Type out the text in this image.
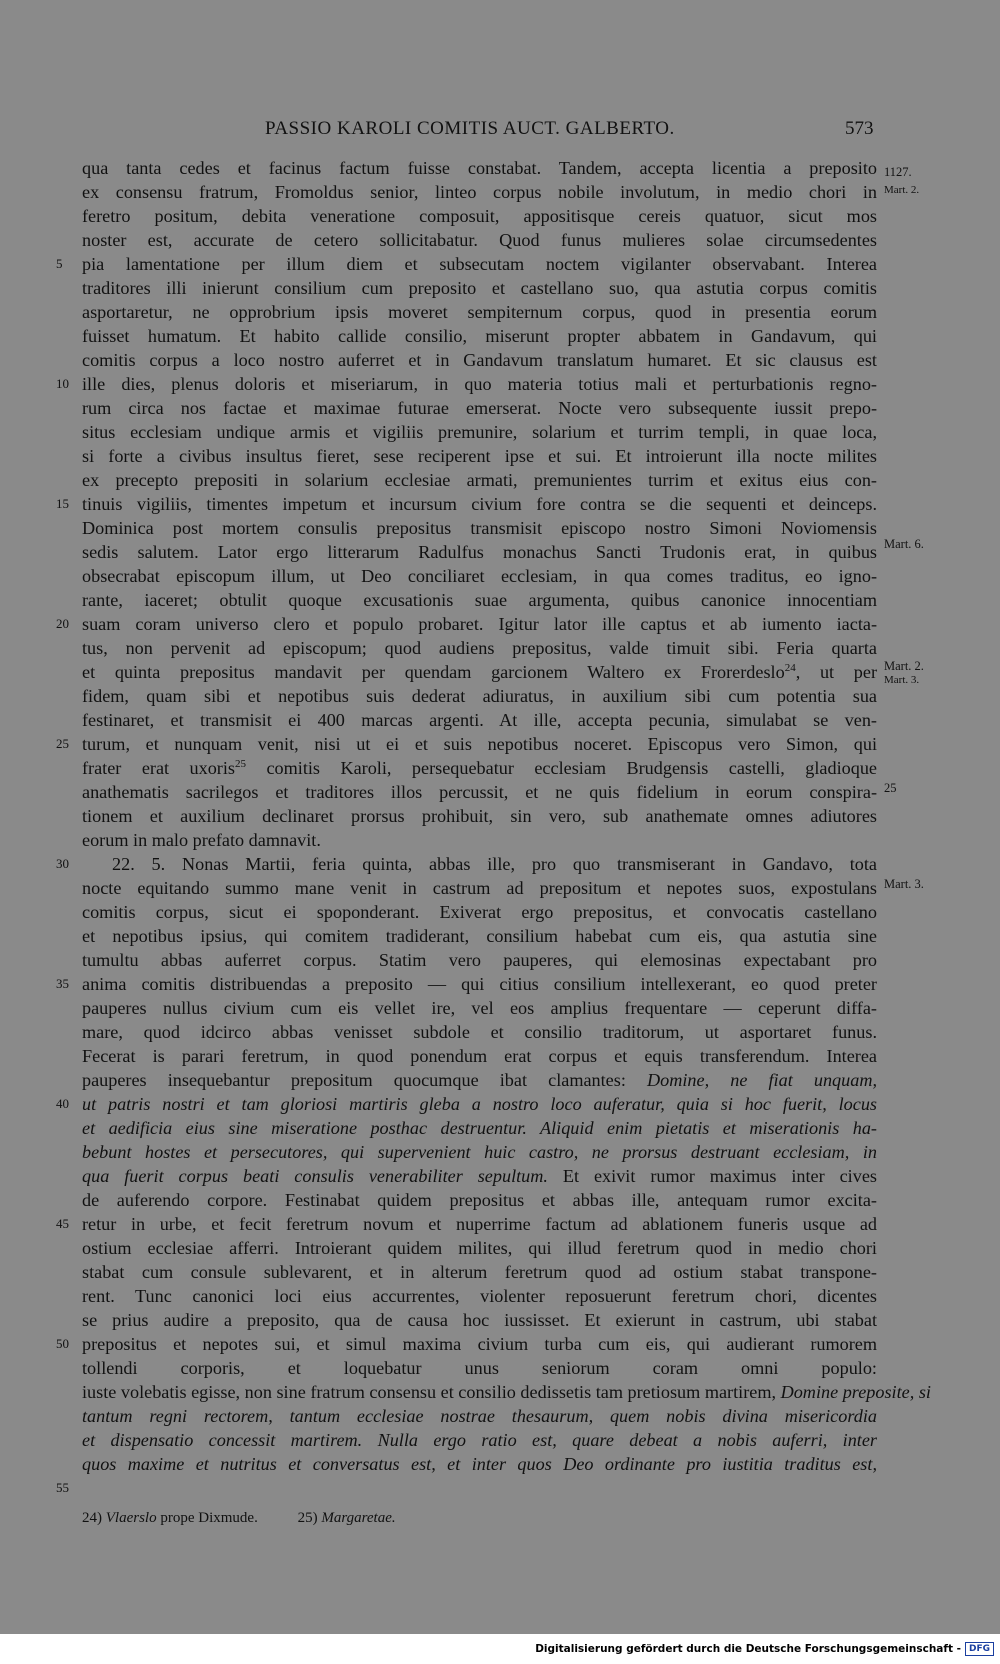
PASSIO KAROLI COMITIS AUCT. GALBERTO.	573
qua tanta cedes et facinus factum fuisse constabat. Tandem, accepta licentia a preposito
ex consensu fratrum, Fromoldus senior, linteo corpus nobile involutum, in medio chori in
feretro positum, debita veneratione composuit, appositisque cereis quatuor, sicut mos
noster est, accurate de cetero sollicitabatur. Quod funus mulieres solae circumsedentes
pia lamentatione per illum diem et subsecutam noctem vigilanter observabant. Interea
traditores illi inierunt consilium cum preposito et castellano suo, qua astutia corpus comitis
asportaretur, ne opprobrium ipsis moveret sempiternum corpus, quod in presentia eorum
fuisset humatum. Et habito callide consilio, miserunt propter abbatem in Gandavum, qui
comitis corpus a loco nostro auferret et in Gandavum translatum humaret. Et sic clausus est
ille dies, plenus doloris et miseriarum, in quo materia totius mali et perturbationis regno-
rum circa nos factae et maximae futurae emerserat. Nocte vero subsequente iussit prepo-
situs ecclesiam undique armis et vigiliis premunire, solarium et turrim templi, in quae loca,
si forte a civibus insultus fieret, sese reciperent ipse et sui. Et introierunt illa nocte milites
ex precepto prepositi in solarium ecclesiae armati, premunientes turrim et exitus eius con-
tinuis vigiliis, timentes impetum et incursum civium fore contra se die sequenti et deinceps.
Dominica post mortem consulis prepositus transmisit episcopo nostro Simoni Noviomensis
sedis salutem. Lator ergo litterarum Radulfus monachus Sancti Trudonis erat, in quibus
obsecrabat episcopum illum, ut Deo conciliaret ecclesiam, in qua comes traditus, eo igno-
rante, iaceret; obtulit quoque excusationis suae argumenta, quibus canonice innocentiam
suam coram universo clero et populo probaret. Igitur lator ille captus et ab iumento iacta-
tus, non pervenit ad episcopum; quod audiens prepositus, valde timuit sibi. Feria quarta
et quinta prepositus mandavit per quendam garcionem Waltero ex Frorerdeslo$^{24}$, ut per
fidem, quam sibi et nepotibus suis dederat adiuratus, in auxilium sibi cum potentia sua
festinaret, et transmisit ei 400 marcas argenti. At ille, accepta pecunia, simulabat se ven-
turum, et nunquam venit, nisi ut ei et suis nepotibus noceret. Episcopus vero Simon, qui
frater erat uxoris$^{25}$ comitis Karoli, persequebatur ecclesiam Brudgensis castelli, gladioque
anathematis sacrilegos et traditores illos percussit, et ne quis fidelium in eorum conspira-
tionem et auxilium declinaret prorsus prohibuit, sin vero, sub anathemate omnes adiutores
eorum in malo prefato damnavit.
22. 5. Nonas Martii, feria quinta, abbas ille, pro quo transmiserant in Gandavo, tota
nocte equitando summo mane venit in castrum ad prepositum et nepotes suos, expostulans
comitis corpus, sicut ei spoponderant. Exiverat ergo prepositus, et convocatis castellano
et nepotibus ipsius, qui comitem tradiderant, consilium habebat cum eis, qua astutia sine
tumultu abbas auferret corpus. Statim vero pauperes, qui elemosinas expectabant pro
anima comitis distribuendas a preposito — qui citius consilium intellexerant, eo quod preter
pauperes nullus civium cum eis vellet ire, vel eos amplius frequentare — ceperunt diffa-
mare, quod idcirco abbas venisset subdole et consilio traditorum, ut asportaret funus.
Fecerat is parari feretrum, in quod ponendum erat corpus et equis transferendum. Interea
pauperes insequebantur prepositum quocumque ibat clamantes: Domine, ne fiat unquam,
ut patris nostri et tam gloriosi martiris gleba a nostro loco auferatur, quia si hoc fuerit, locus
et aedificia eius sine miseratione posthac destruentur. Aliquid enim pietatis et miserationis ha-
bebunt hostes et persecutores, qui supervenient huic castro, ne prorsus destruant ecclesiam, in
qua fuerit corpus beati consulis venerabiliter sepultum. Et exivit rumor maximus inter cives
de auferendo corpore. Festinabat quidem prepositus et abbas ille, antequam rumor excita-
retur in urbe, et fecit feretrum novum et nuperrime factum ad ablationem funeris usque ad
ostium ecclesiae afferri. Introierant quidem milites, qui illud feretrum quod in medio chori
stabat cum consule sublevarent, et in alterum feretrum quod ad ostium stabat transpone-
rent. Tunc canonici loci eius accurrentes, violenter reposuerunt feretrum chori, dicentes
se prius audire a preposito, qua de causa hoc iussisset. Et exierunt in castrum, ubi stabat
prepositus et nepotes sui, et simul maxima civium turba cum eis, qui audierant rumorem
tollendi corporis, et loquebatur unus seniorum coram omni populo:
iuste volebatis egisse, non sine fratrum consensu et consilio dedissetis tam pretiosum martirem, Domine preposite, si
tantum regni rectorem, tantum ecclesiae nostrae thesaurum, quem nobis divina misericordia
et dispensatio concessit martirem. Nulla ergo ratio est, quare debeat a nobis auferri, inter
quos maxime et nutritus et conversatus est, et inter quos Deo ordinante pro iustitia traditus est,
5
10
15
20
25
30
35
40
45
50
55
1127.
Mart. 2.
Mart. 6.
Mart. 2.
Mart. 3.
25
Mart. 3.
24) Vlaerslo prope Dixmude.	25) Margaretae.
Digitalisierung gefördert durch die Deutsche Forschungsgemeinschaft - DFG
